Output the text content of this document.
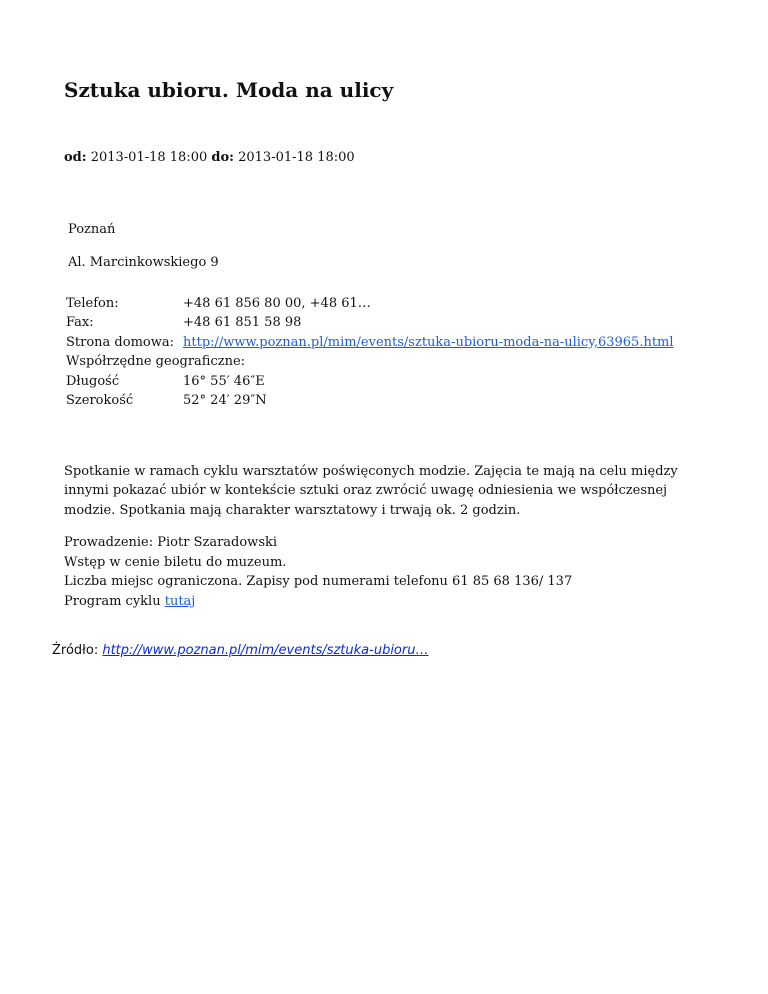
Sztuka ubioru. Moda na ulicy
od: 2013-01-18 18:00 do: 2013-01-18 18:00
Poznań
Al. Marcinkowskiego 9
Telefon:	+48 61 856 80 00, +48 61…
Fax:	+48 61 851 58 98
Strona domowa: http://www.poznan.pl/mim/events/sztuka-ubioru-moda-na-ulicy,63965.html
Współrzędne geograficzne:
Długość	16° 55′ 46″E
Szerokość	52° 24′ 29″N

Spotkanie w ramach cyklu warsztatów poświęconych modzie. Zajęcia te mają na celu między innymi pokazać ubiór w kontekście sztuki oraz zwrócić uwagę odniesienia we współczesnej modzie. Spotkania mają charakter warsztatowy i trwają ok. 2 godzin.

Prowadzenie: Piotr Szaradowski
Wstęp w cenie biletu do muzeum.
Liczba miejsc ograniczona. Zapisy pod numerami telefonu 61 85 68 136/ 137
Program cyklu tutaj
Źródło: http://www.poznan.pl/mim/events/sztuka-ubioru…
